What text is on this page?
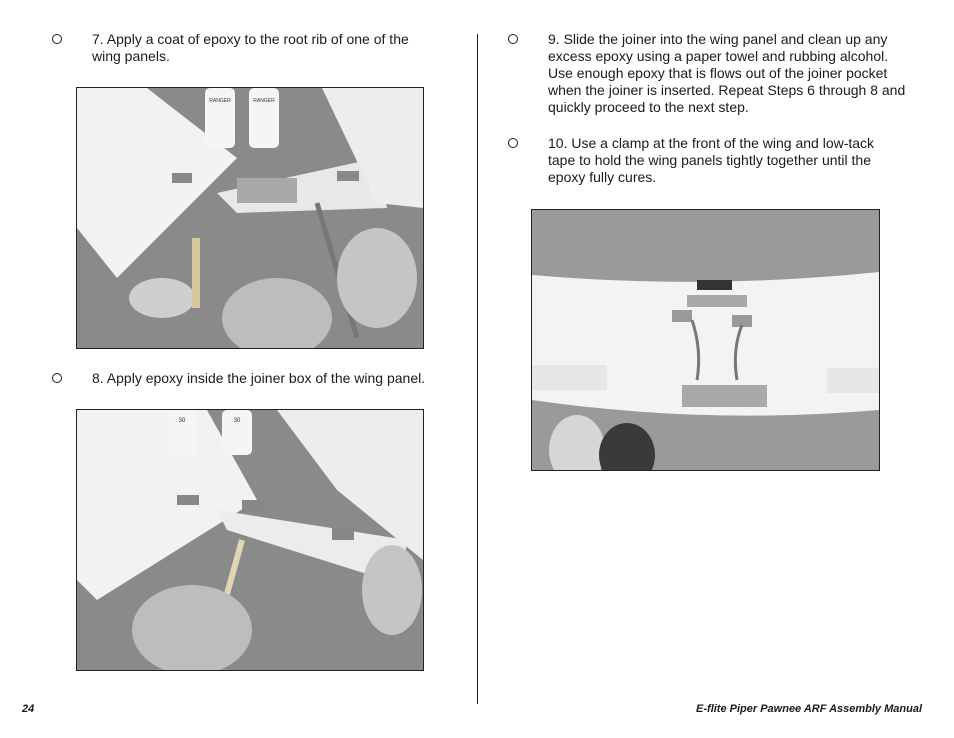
7. Apply a coat of epoxy to the root rib of one of the wing panels.
RANGER	RANGER
8. Apply epoxy inside the joiner box of the wing panel.
30	30
9. Slide the joiner into the wing panel and clean up any excess epoxy using a paper towel and rubbing alcohol. Use enough epoxy that is flows out of the joiner pocket when the joiner is inserted. Repeat Steps 6 through 8 and quickly proceed to the next step.
10. Use a clamp at the front of the wing and low-tack tape to hold the wing panels tightly together until the epoxy fully cures.
24	E-flite Piper Pawnee ARF Assembly Manual
